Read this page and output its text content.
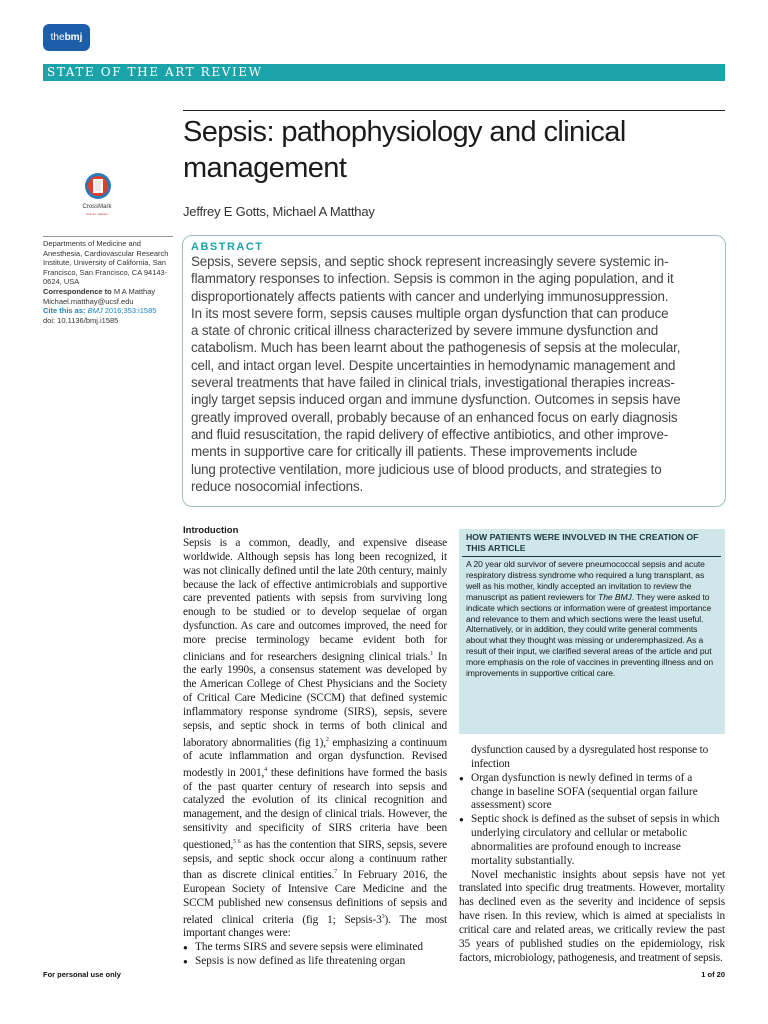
the bmj
STATE OF THE ART REVIEW
Sepsis: pathophysiology and clinical management
Jeffrey E Gotts, Michael A Matthay
CrossMark
click for updates
Departments of Medicine and Anesthesia, Cardiovascular Research Institute, University of California, San Francisco, San Francisco, CA 94143-0624, USA
Correspondence to M A Matthay
Michael.matthay@ucsf.edu
Cite this as: BMJ 2016;353:i1585
doi: 10.1136/bmj.i1585
ABSTRACT
Sepsis, severe sepsis, and septic shock represent increasingly severe systemic in-
flammatory responses to infection. Sepsis is common in the aging population, and it
disproportionately affects patients with cancer and underlying immunosuppression.
In its most severe form, sepsis causes multiple organ dysfunction that can produce
a state of chronic critical illness characterized by severe immune dysfunction and
catabolism. Much has been learnt about the pathogenesis of sepsis at the molecular,
cell, and intact organ level. Despite uncertainties in hemodynamic management and
several treatments that have failed in clinical trials, investigational therapies increas-
ingly target sepsis induced organ and immune dysfunction. Outcomes in sepsis have
greatly improved overall, probably because of an enhanced focus on early diagnosis
and fluid resuscitation, the rapid delivery of effective antibiotics, and other improve-
ments in supportive care for critically ill patients. These improvements include
lung protective ventilation, more judicious use of blood products, and strategies to
reduce nosocomial infections.
Introduction

Sepsis is a common, deadly, and expensive disease worldwide. Although sepsis has long been recognized, it was not clinically defined until the late 20th century, mainly because the lack of effective antimicrobials and supportive care prevented patients with sepsis from surviving long enough to be studied or to develop sequelae of organ dysfunction. As care and outcomes improved, the need for more precise terminology became evident both for clinicians and for researchers designing clinical trials.$^1$ In the early 1990s, a consensus statement was developed by the American College of Chest Physicians and the Society of Critical Care Medicine (SCCM) that defined systemic inflammatory response syndrome (SIRS), sepsis, severe sepsis, and septic shock in terms of both clinical and laboratory abnormalities (fig 1),$^2$ emphasizing a continuum of acute inflammation and organ dysfunction. Revised modestly in 2001,$^4$ these definitions have formed the basis of the past quarter century of research into sepsis and catalyzed the evolution of its clinical recognition and management, and the design of clinical trials. However, the sensitivity and specificity of SIRS criteria have been questioned,$^{5 6}$ as has the contention that SIRS, sepsis, severe sepsis, and septic shock occur along a continuum rather than as discrete clinical entities.$^7$ In February 2016, the European Society of Intensive Care Medicine and the SCCM published new consensus definitions of sepsis and related clinical criteria (fig 1; Sepsis-$3^3$). The most important changes were:

● The terms SIRS and severe sepsis were eliminated
● Sepsis is now defined as life threatening organ
HOW PATIENTS WERE INVOLVED IN THE CREATION OF THIS ARTICLE
A 20 year old survivor of severe pneumococcal sepsis and acute respiratory distress syndrome who required a lung transplant, as well as his mother, kindly accepted an invitation to review the manuscript as patient reviewers for The BMJ. They were asked to indicate which sections or information were of greatest importance and relevance to them and which sections were the least useful. Alternatively, or in addition, they could write general comments about what they thought was missing or underemphasized. As a result of their input, we clarified several areas of the article and put more emphasis on the role of vaccines in preventing illness and on improvements in supportive critical care.

dysfunction caused by a dysregulated host response to infection

● Organ dysfunction is newly defined in terms of a change in baseline SOFA (sequential organ failure assessment) score
● Septic shock is defined as the subset of sepsis in which underlying circulatory and cellular or metabolic abnormalities are profound enough to increase mortality substantially.

Novel mechanistic insights about sepsis have not yet translated into specific drug treatments. However, mortality has declined even as the severity and incidence of sepsis have risen. In this review, which is aimed at specialists in critical care and related areas, we critically review the past 35 years of published studies on the epidemiology, risk factors, microbiology, pathogenesis, and treatment of sepsis.

For personal use only	1 of 20
